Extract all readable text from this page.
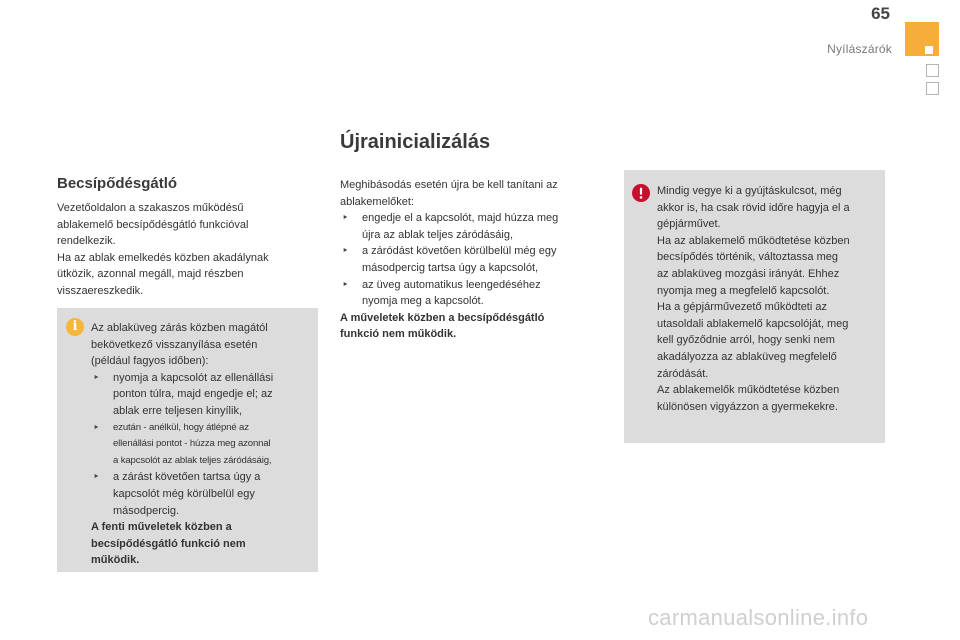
65
Nyílászárók
Újrainicializálás
Becsípődésgátló
Vezetőoldalon a szakaszos működésű
ablakemelő becsípődésgátló funkcióval
rendelkezik.
Ha az ablak emelkedés közben akadálynak
ütközik, azonnal megáll, majd részben
visszaereszkedik.
i	Az ablaküveg zárás közben magától
bekövetkező visszanyílása esetén
(például fagyos időben):
‣ nyomja a kapcsolót az ellenállási
ponton túlra, majd engedje el; az
ablak erre teljesen kinyílik,
‣ ezután - anélkül, hogy átlépné az
ellenállási pontot - húzza meg azonnal
a kapcsolót az ablak teljes záródásáig,
‣ a zárást követően tartsa úgy a
kapcsolót még körülbelül egy
másodpercig.
A fenti műveletek közben a
becsípődésgátló funkció nem
működik.
Meghibásodás esetén újra be kell tanítani az
ablakemelőket:
‣ engedje el a kapcsolót, majd húzza meg
újra az ablak teljes záródásáig,
‣ a záródást követően körülbelül még egy
másodpercig tartsa úgy a kapcsolót,
‣ az üveg automatikus leengedéséhez
nyomja meg a kapcsolót.
A műveletek közben a becsípődésgátló
funkció nem működik.
Mindig vegye ki a gyújtáskulcsot, még
akkor is, ha csak rövid időre hagyja el a
gépjárművet.
Ha az ablakemelő működtetése közben
becsípődés történik, változtassa meg
az ablaküveg mozgási irányát. Ehhez
nyomja meg a megfelelő kapcsolót.
Ha a gépjárművezető működteti az
utasoldali ablakemelő kapcsolóját, meg
kell győződnie arról, hogy senki nem
akadályozza az ablaküveg megfelelő
záródását.
Az ablakemelők működtetése közben
különösen vigyázzon a gyermekekre.
carmanualsonline.info
